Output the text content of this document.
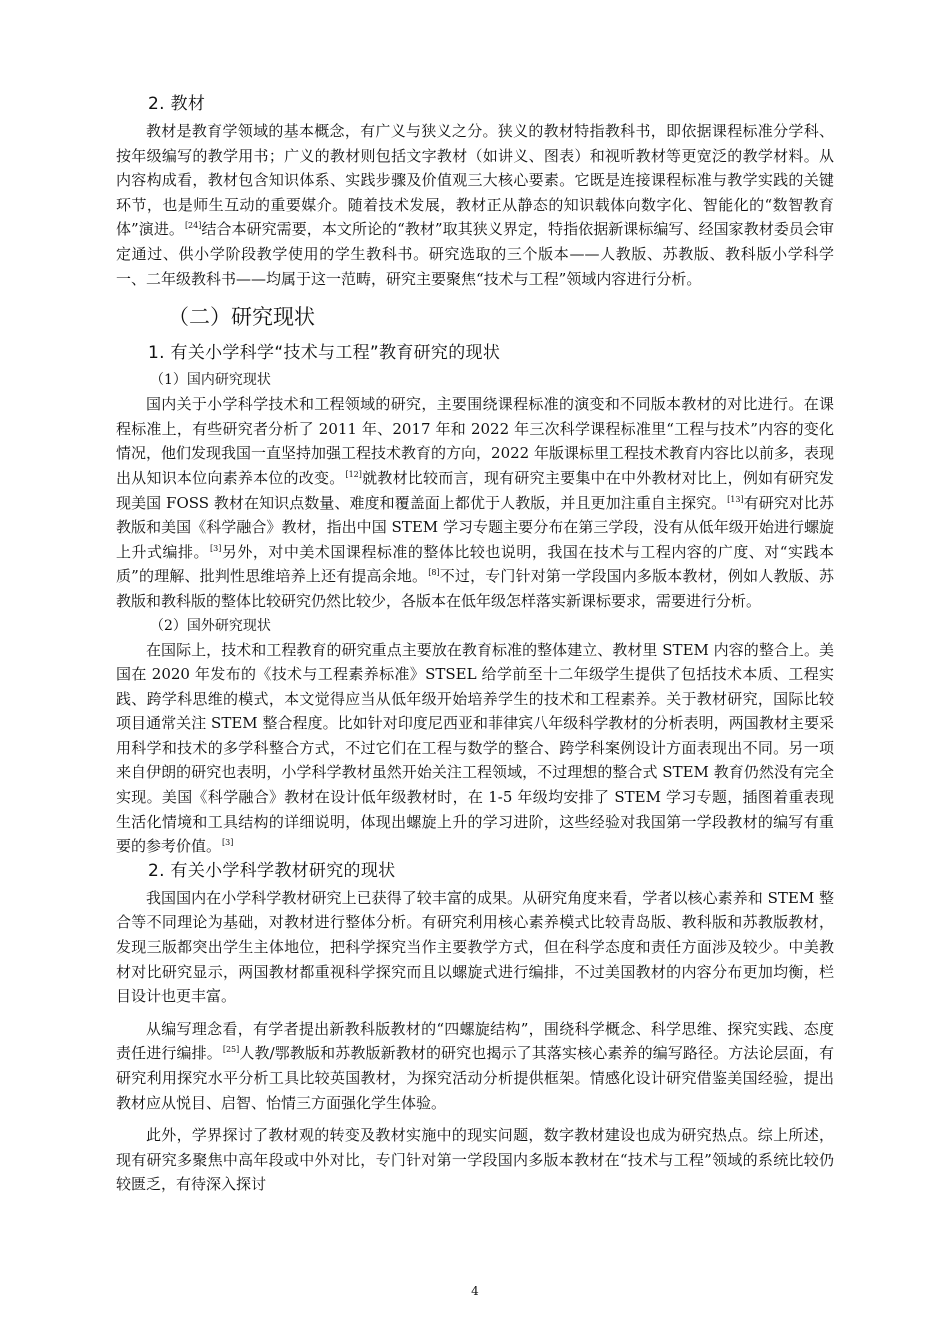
2. 教材

教材是教育学领域的基本概念，有广义与狭义之分。狭义的教材特指教科书，即依据课程标准分学科、按年级编写的教学用书；广义的教材则包括文字教材（如讲义、图表）和视听教材等更宽泛的教学材料。从内容构成看，教材包含知识体系、实践步骤及价值观三大核心要素。它既是连接课程标准与教学实践的关键环节，也是师生互动的重要媒介。随着技术发展，教材正从静态的知识载体向数字化、智能化的“数智教育体”演进。[24]结合本研究需要，本文所论的“教材”取其狭义界定，特指依据新课标编写、经国家教材委员会审定通过、供小学阶段教学使用的学生教科书。研究选取的三个版本——人教版、苏教版、教科版小学科学一、二年级教科书——均属于这一范畴，研究主要聚焦“技术与工程”领域内容进行分析。

（二）研究现状
1. 有关小学科学“技术与工程”教育研究的现状
（1）国内研究现状

国内关于小学科学技术和工程领域的研究，主要围绕课程标准的演变和不同版本教材的对比进行。在课程标准上，有些研究者分析了 2011 年、2017 年和 2022 年三次科学课程标准里“工程与技术”内容的变化情况，他们发现我国一直坚持加强工程技术教育的方向，2022 年版课标里工程技术教育内容比以前多，表现出从知识本位向素养本位的改变。[12]就教材比较而言，现有研究主要集中在中外教材对比上，例如有研究发现美国 FOSS 教材在知识点数量、难度和覆盖面上都优于人教版，并且更加注重自主探究。[13]有研究对比苏教版和美国《科学融合》教材，指出中国 STEM 学习专题主要分布在第三学段，没有从低年级开始进行螺旋上升式编排。[3]另外，对中美术国课程标准的整体比较也说明，我国在技术与工程内容的广度、对“实践本质”的理解、批判性思维培养上还有提高余地。[8]不过，专门针对第一学段国内多版本教材，例如人教版、苏教版和教科版的整体比较研究仍然比较少，各版本在低年级怎样落实新课标要求，需要进行分析。

（2）国外研究现状

在国际上，技术和工程教育的研究重点主要放在教育标准的整体建立、教材里 STEM 内容的整合上。美国在 2020 年发布的《技术与工程素养标准》STSEL 给学前至十二年级学生提供了包括技术本质、工程实践、跨学科思维的模式，本文觉得应当从低年级开始培养学生的技术和工程素养。关于教材研究，国际比较项目通常关注 STEM 整合程度。比如针对印度尼西亚和菲律宾八年级科学教材的分析表明，两国教材主要采用科学和技术的多学科整合方式，不过它们在工程与数学的整合、跨学科案例设计方面表现出不同。另一项来自伊朗的研究也表明，小学科学教材虽然开始关注工程领域，不过理想的整合式 STEM 教育仍然没有完全实现。美国《科学融合》教材在设计低年级教材时，在 1-5 年级均安排了 STEM 学习专题，插图着重表现生活化情境和工具结构的详细说明，体现出螺旋上升的学习进阶，这些经验对我国第一学段教材的编写有重要的参考价值。[3]

2. 有关小学科学教材研究的现状

我国国内在小学科学教材研究上已获得了较丰富的成果。从研究角度来看，学者以核心素养和 STEM 整合等不同理论为基础，对教材进行整体分析。有研究利用核心素养模式比较青岛版、教科版和苏教版教材，发现三版都突出学生主体地位，把科学探究当作主要教学方式，但在科学态度和责任方面涉及较少。中美教材对比研究显示，两国教材都重视科学探究而且以螺旋式进行编排，不过美国教材的内容分布更加均衡，栏目设计也更丰富。

从编写理念看，有学者提出新教科版教材的“四螺旋结构”，围绕科学概念、科学思维、探究实践、态度责任进行编排。[25]人教/鄂教版和苏教版新教材的研究也揭示了其落实核心素养的编写路径。方法论层面，有研究利用探究水平分析工具比较英国教材，为探究活动分析提供框架。情感化设计研究借鉴美国经验，提出教材应从悦目、启智、怡情三方面强化学生体验。

此外，学界探讨了教材观的转变及教材实施中的现实问题，数字教材建设也成为研究热点。综上所述，现有研究多聚焦中高年段或中外对比，专门针对第一学段国内多版本教材在“技术与工程”领域的系统比较仍较匮乏，有待深入探讨

4
